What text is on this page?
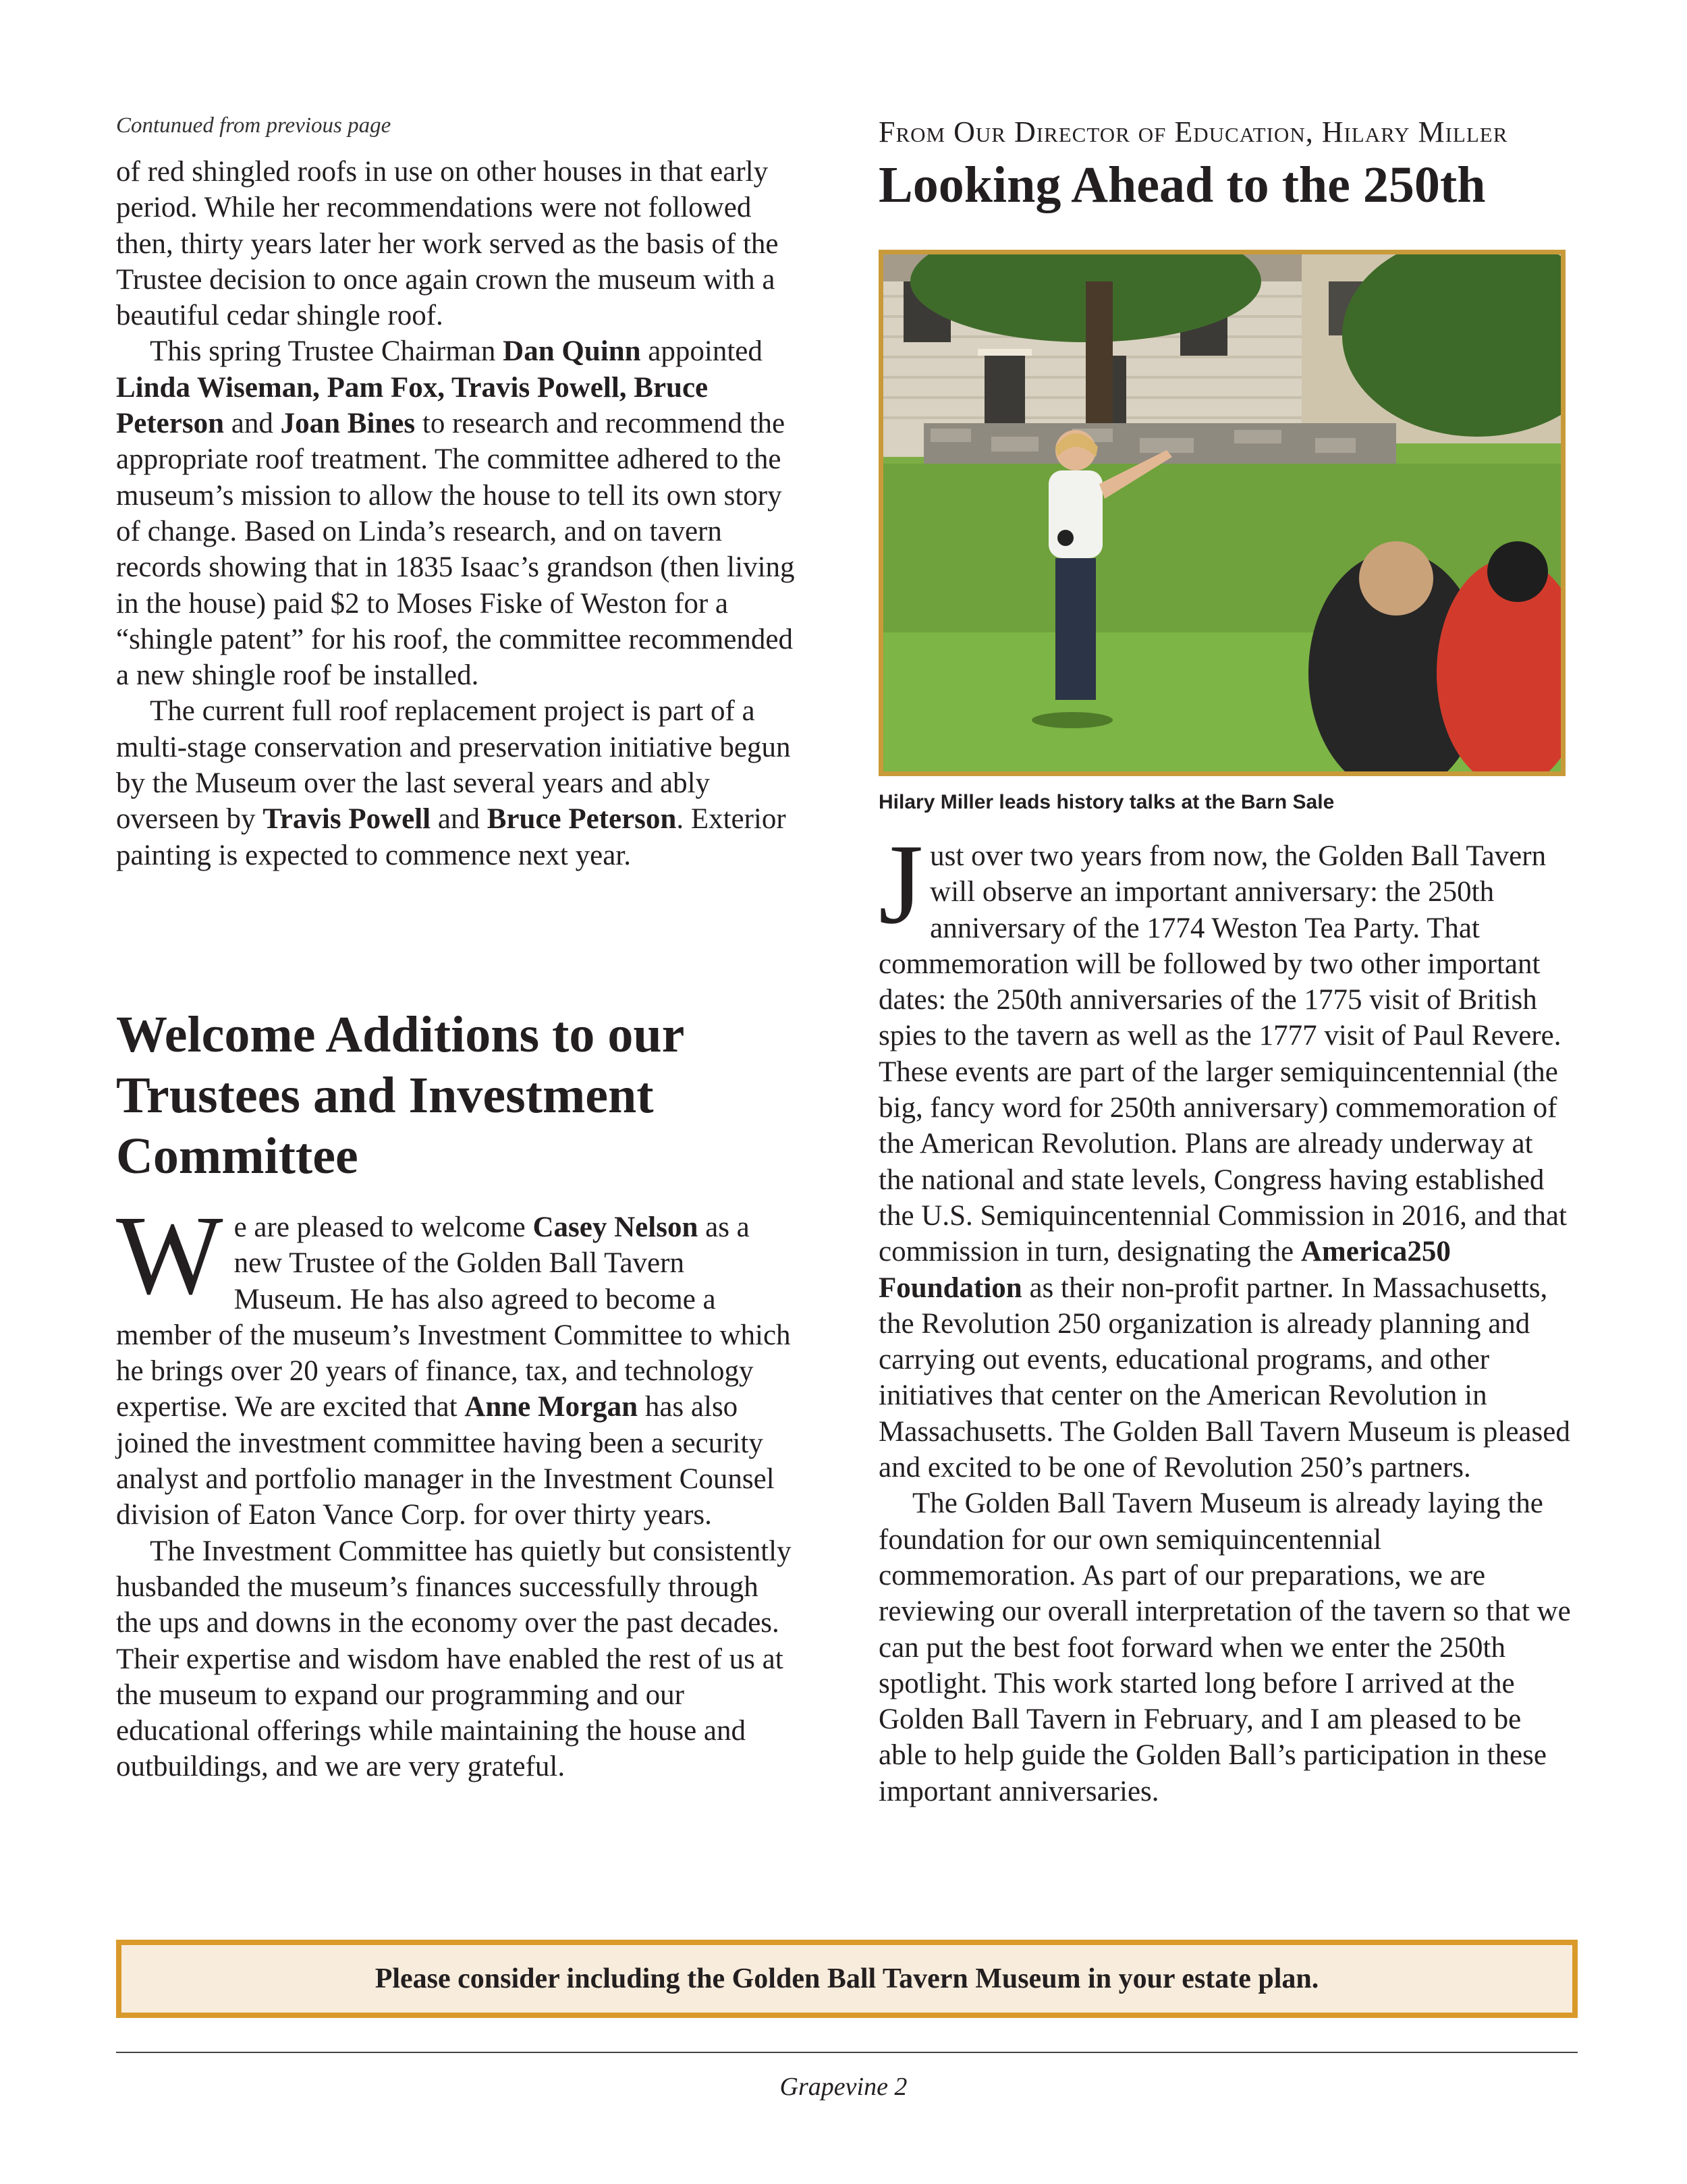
Contunued from previous page

of red shingled roofs in use on other houses in that early period. While her recommendations were not followed then, thirty years later her work served as the basis of the Trustee decision to once again crown the museum with a beautiful cedar shingle roof.

This spring Trustee Chairman Dan Quinn appointed Linda Wiseman, Pam Fox, Travis Powell, Bruce Peterson and Joan Bines to research and recommend the appropriate roof treatment. The committee adhered to the museum’s mission to allow the house to tell its own story of change. Based on Linda’s research, and on tavern records showing that in 1835 Isaac’s grandson (then living in the house) paid $2 to Moses Fiske of Weston for a “shingle patent” for his roof, the committee recommended a new shingle roof be installed.

The current full roof replacement project is part of a multi-stage conservation and preservation initiative begun by the Museum over the last several years and ably overseen by Travis Powell and Bruce Peterson. Exterior painting is expected to commence next year.

Welcome Additions to our Trustees and Investment Committee

We are pleased to welcome Casey Nelson as a new Trustee of the Golden Ball Tavern Museum. He has also agreed to become a member of the museum’s Investment Committee to which he brings over 20 years of finance, tax, and technology expertise. We are excited that Anne Morgan has also joined the investment committee having been a security analyst and portfolio manager in the Investment Counsel division of Eaton Vance Corp. for over thirty years.

The Investment Committee has quietly but consistently husbanded the museum’s finances successfully through the ups and downs in the economy over the past decades. Their expertise and wisdom have enabled the rest of us at the museum to expand our programming and our educational offerings while maintaining the house and outbuildings, and we are very grateful.

From Our Director of Education, Hilary Miller
Looking Ahead to the 250th
Hilary Miller leads history talks at the Barn Sale

Just over two years from now, the Golden Ball Tavern will observe an important anniversary: the 250th anniversary of the 1774 Weston Tea Party. That commemoration will be followed by two other important dates: the 250th anniversaries of the 1775 visit of British spies to the tavern as well as the 1777 visit of Paul Revere. These events are part of the larger semiquincentennial (the big, fancy word for 250th anniversary) commemoration of the American Revolution. Plans are already underway at the national and state levels, Congress having established the U.S. Semiquincentennial Commission in 2016, and that commission in turn, designating the America250 Foundation as their non-profit partner. In Massachusetts, the Revolution 250 organization is already planning and carrying out events, educational programs, and other initiatives that center on the American Revolution in Massachusetts. The Golden Ball Tavern Museum is pleased and excited to be one of Revolution 250’s partners.

The Golden Ball Tavern Museum is already laying the foundation for our own semiquincentennial commemoration. As part of our preparations, we are reviewing our overall interpretation of the tavern so that we can put the best foot forward when we enter the 250th spotlight. This work started long before I arrived at the Golden Ball Tavern in February, and I am pleased to be able to help guide the Golden Ball’s participation in these important anniversaries.

Please consider including the Golden Ball Tavern Museum in your estate plan.
Grapevine 2
